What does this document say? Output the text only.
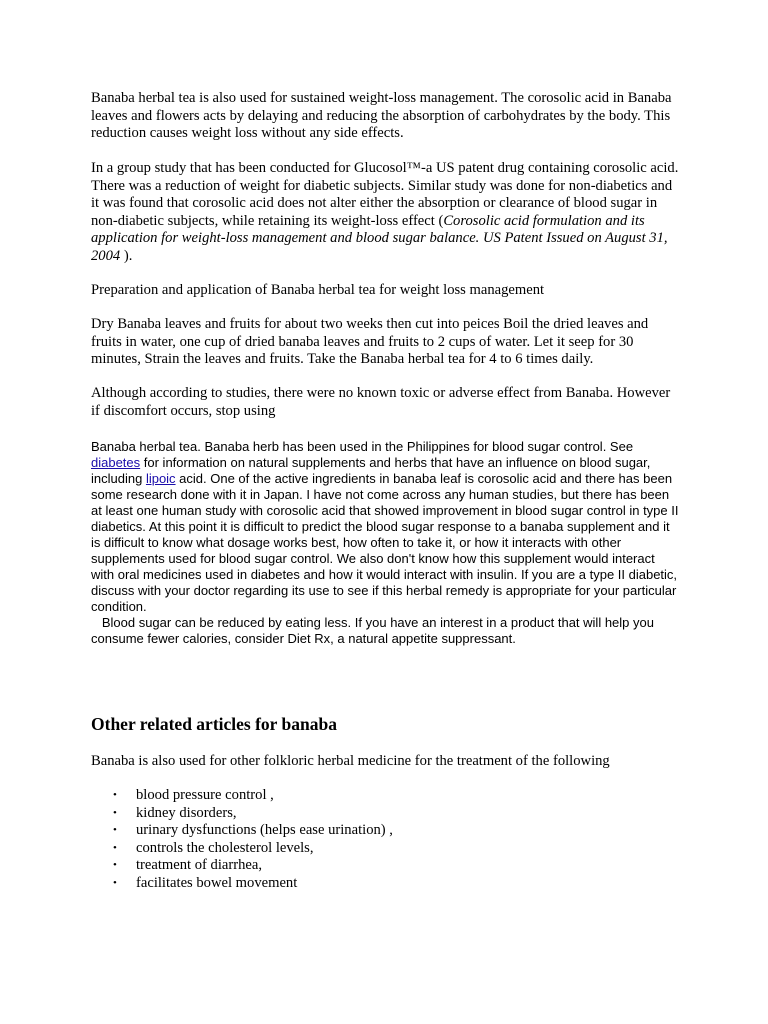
Banaba herbal tea is also used for sustained weight-loss management. The corosolic acid in Banaba leaves and flowers acts by delaying and reducing the absorption of carbohydrates by the body. This reduction causes weight loss without any side effects.

In a group study that has been conducted for Glucosol™-a US patent drug containing corosolic acid. There was a reduction of weight for diabetic subjects. Similar study was done for non-diabetics and it was found that corosolic acid does not alter either the absorption or clearance of blood sugar in non-diabetic subjects, while retaining its weight-loss effect (Corosolic acid formulation and its application for weight-loss management and blood sugar balance. US Patent Issued on August 31, 2004 ).

Preparation and application of Banaba herbal tea for weight loss management

Dry Banaba leaves and fruits for about two weeks then cut into peices Boil the dried leaves and fruits in water, one cup of dried banaba leaves and fruits to 2 cups of water. Let it seep for 30 minutes, Strain the leaves and fruits. Take the Banaba herbal tea for 4 to 6 times daily.

Although according to studies, there were no known toxic or adverse effect from Banaba. However if discomfort occurs, stop using

Banaba herbal tea. Banaba herb has been used in the Philippines for blood sugar control. See diabetes for information on natural supplements and herbs that have an influence on blood sugar, including lipoic acid. One of the active ingredients in banaba leaf is corosolic acid and there has been some research done with it in Japan. I have not come across any human studies, but there has been at least one human study with corosolic acid that showed improvement in blood sugar control in type II diabetics. At this point it is difficult to predict the blood sugar response to a banaba supplement and it is difficult to know what dosage works best, how often to take it, or how it interacts with other supplements used for blood sugar control. We also don't know how this supplement would interact with oral medicines used in diabetes and how it would interact with insulin. If you are a type II diabetic, discuss with your doctor regarding its use to see if this herbal remedy is appropriate for your particular condition.
Blood sugar can be reduced by eating less. If you have an interest in a product that will help you consume fewer calories, consider Diet Rx, a natural appetite suppressant.

Other related articles for banaba

Banaba is also used for other folkloric herbal medicine for the treatment of the following

• blood pressure control ,
• kidney disorders,
• urinary dysfunctions (helps ease urination) ,
• controls the cholesterol levels,
• treatment of diarrhea,
• facilitates bowel movement
